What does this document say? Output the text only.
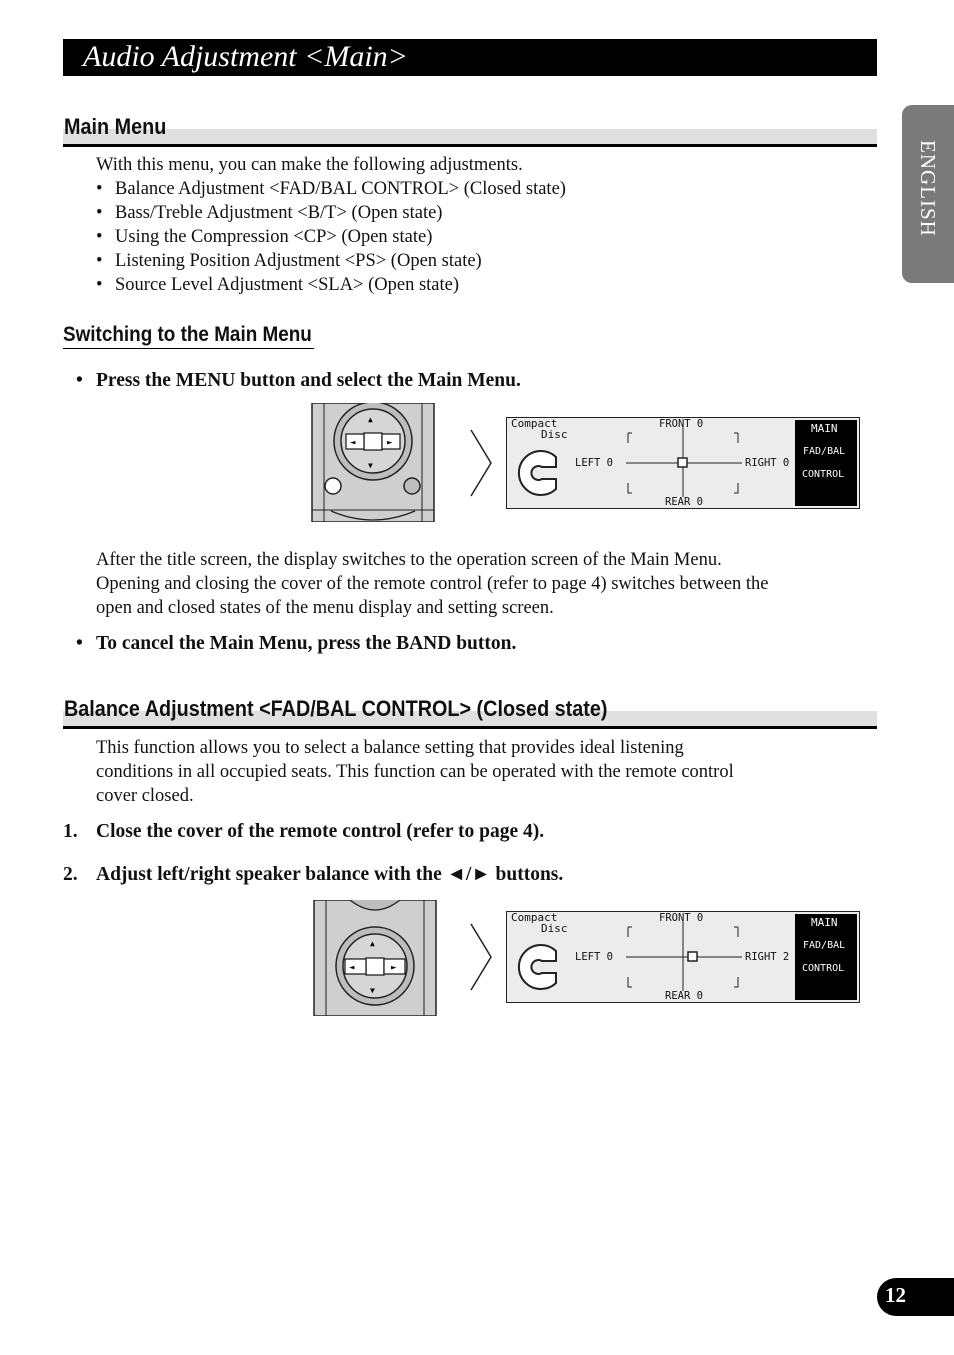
Audio Adjustment <Main>
ENGLISH
Main Menu

With this menu, you can make the following adjustments.

• Balance Adjustment <FAD/BAL CONTROL> (Closed state)
• Bass/Treble Adjustment <B/T> (Open state)
• Using the Compression <CP> (Open state)
• Listening Position Adjustment <PS> (Open state)
• Source Level Adjustment <SLA> (Open state)
Switching to the Main Menu
• Press the MENU button and select the Main Menu.
◄	►
▲
▼
Compact
Disc
FRONT 0
LEFT 0	RIGHT 0
REAR 0
MAIN
FAD/BAL
CONTROL

After the title screen, the display switches to the operation screen of the Main Menu.

Opening and closing the cover of the remote control (refer to page 4) switches between the

open and closed states of the menu display and setting screen.

• To cancel the Main Menu, press the BAND button.
Balance Adjustment <FAD/BAL CONTROL> (Closed state)

This function allows you to select a balance setting that provides ideal listening

conditions in all occupied seats. This function can be operated with the remote control

cover closed.

1. Close the cover of the remote control (refer to page 4).
2. Adjust left/right speaker balance with the ◄/► buttons.
◄	►
▲
▼
Compact
Disc
FRONT 0
LEFT 0	RIGHT 2
REAR 0
MAIN
FAD/BAL
CONTROL
12
